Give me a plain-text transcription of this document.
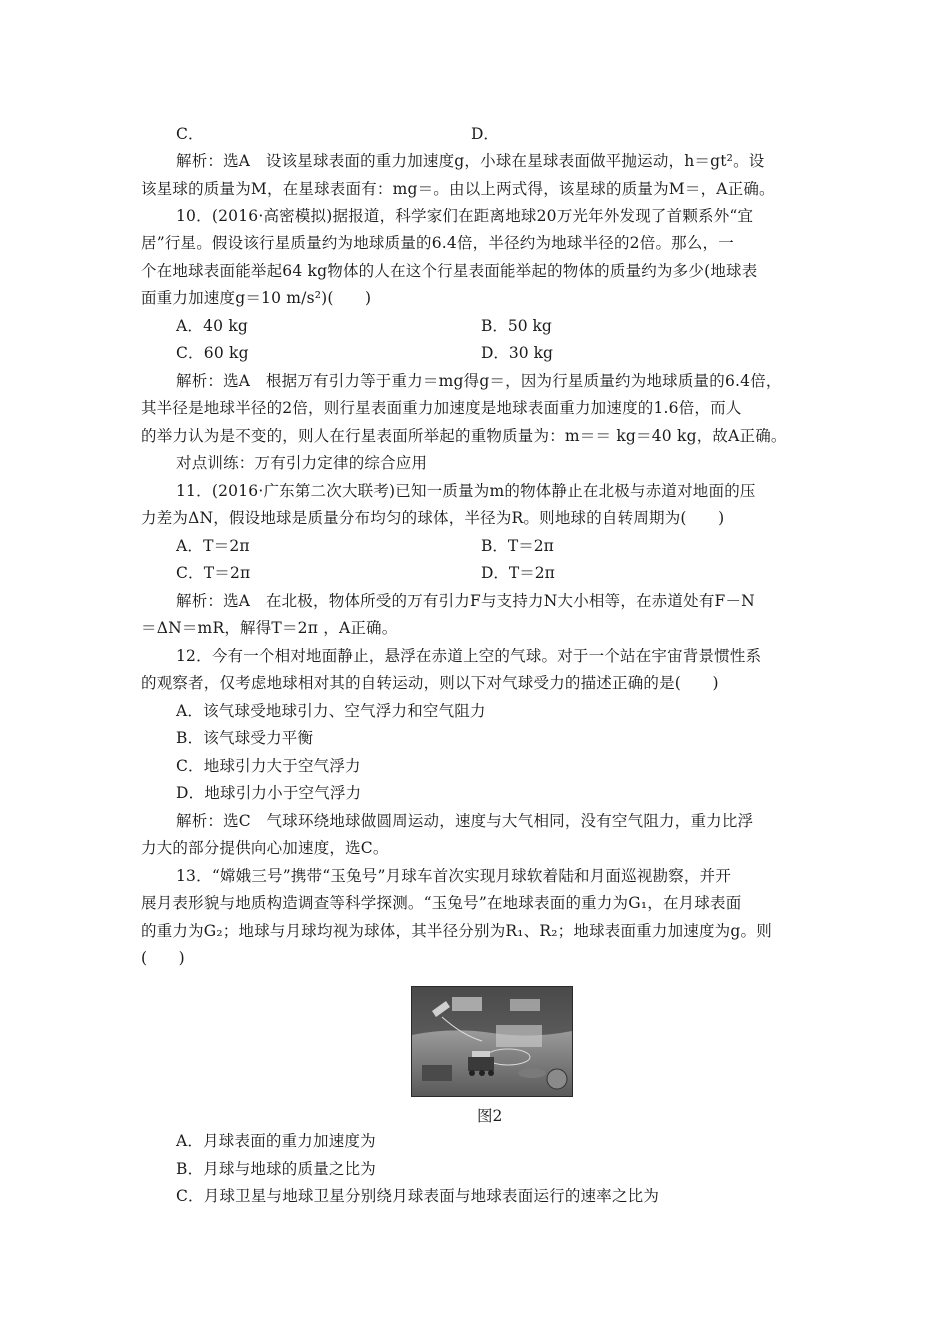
C．
解析：选A　设该星球表面的重力加速度g，小球在星球表面做平抛运动，h＝gt²。设
该星球的质量为M，在星球表面有：mg＝。由以上两式得，该星球的质量为M＝，A正确。
10．(2016·高密模拟)据报道，科学家们在距离地球20万光年外发现了首颗系外“宜
居”行星。假设该行星质量约为地球质量的6.4倍，半径约为地球半径的2倍。那么，一
个在地球表面能举起64 kg物体的人在这个行星表面能举起的物体的质量约为多少(地球表
面重力加速度g＝10 m/s²)(　　)
A．40 kg
C．60 kg
解析：选A　根据万有引力等于重力＝mg得g＝，因为行星质量约为地球质量的6.4倍，
其半径是地球半径的2倍，则行星表面重力加速度是地球表面重力加速度的1.6倍，而人
的举力认为是不变的，则人在行星表面所举起的重物质量为：m＝＝ kg＝40 kg，故A正确。
对点训练：万有引力定律的综合应用
11．(2016·广东第二次大联考)已知一质量为m的物体静止在北极与赤道对地面的压
力差为ΔN，假设地球是质量分布均匀的球体，半径为R。则地球的自转周期为(　　)
A．T＝2π
C．T＝2π
解析：选A　在北极，物体所受的万有引力F与支持力N大小相等，在赤道处有F－N
＝ΔN＝mR，解得T＝2π ，A正确。
12．今有一个相对地面静止，悬浮在赤道上空的气球。对于一个站在宇宙背景惯性系
的观察者，仅考虑地球相对其的自转运动，则以下对气球受力的描述正确的是(　　)
A．该气球受地球引力、空气浮力和空气阻力
B．该气球受力平衡
C．地球引力大于空气浮力
D．地球引力小于空气浮力
解析：选C　气球环绕地球做圆周运动，速度与大气相同，没有空气阻力，重力比浮
力大的部分提供向心加速度，选C。
13．“嫦娥三号”携带“玉兔号”月球车首次实现月球软着陆和月面巡视勘察，并开
展月表形貌与地质构造调查等科学探测。“玉兔号”在地球表面的重力为G₁，在月球表面
的重力为G₂；地球与月球均视为球体，其半径分别为R₁、R₂；地球表面重力加速度为g。则
(　　)
A．月球表面的重力加速度为
B．月球与地球的质量之比为
C．月球卫星与地球卫星分别绕月球表面与地球表面运行的速率之比为
D．
B．50 kg
D．30 kg
B．T＝2π
D．T＝2π
图2
